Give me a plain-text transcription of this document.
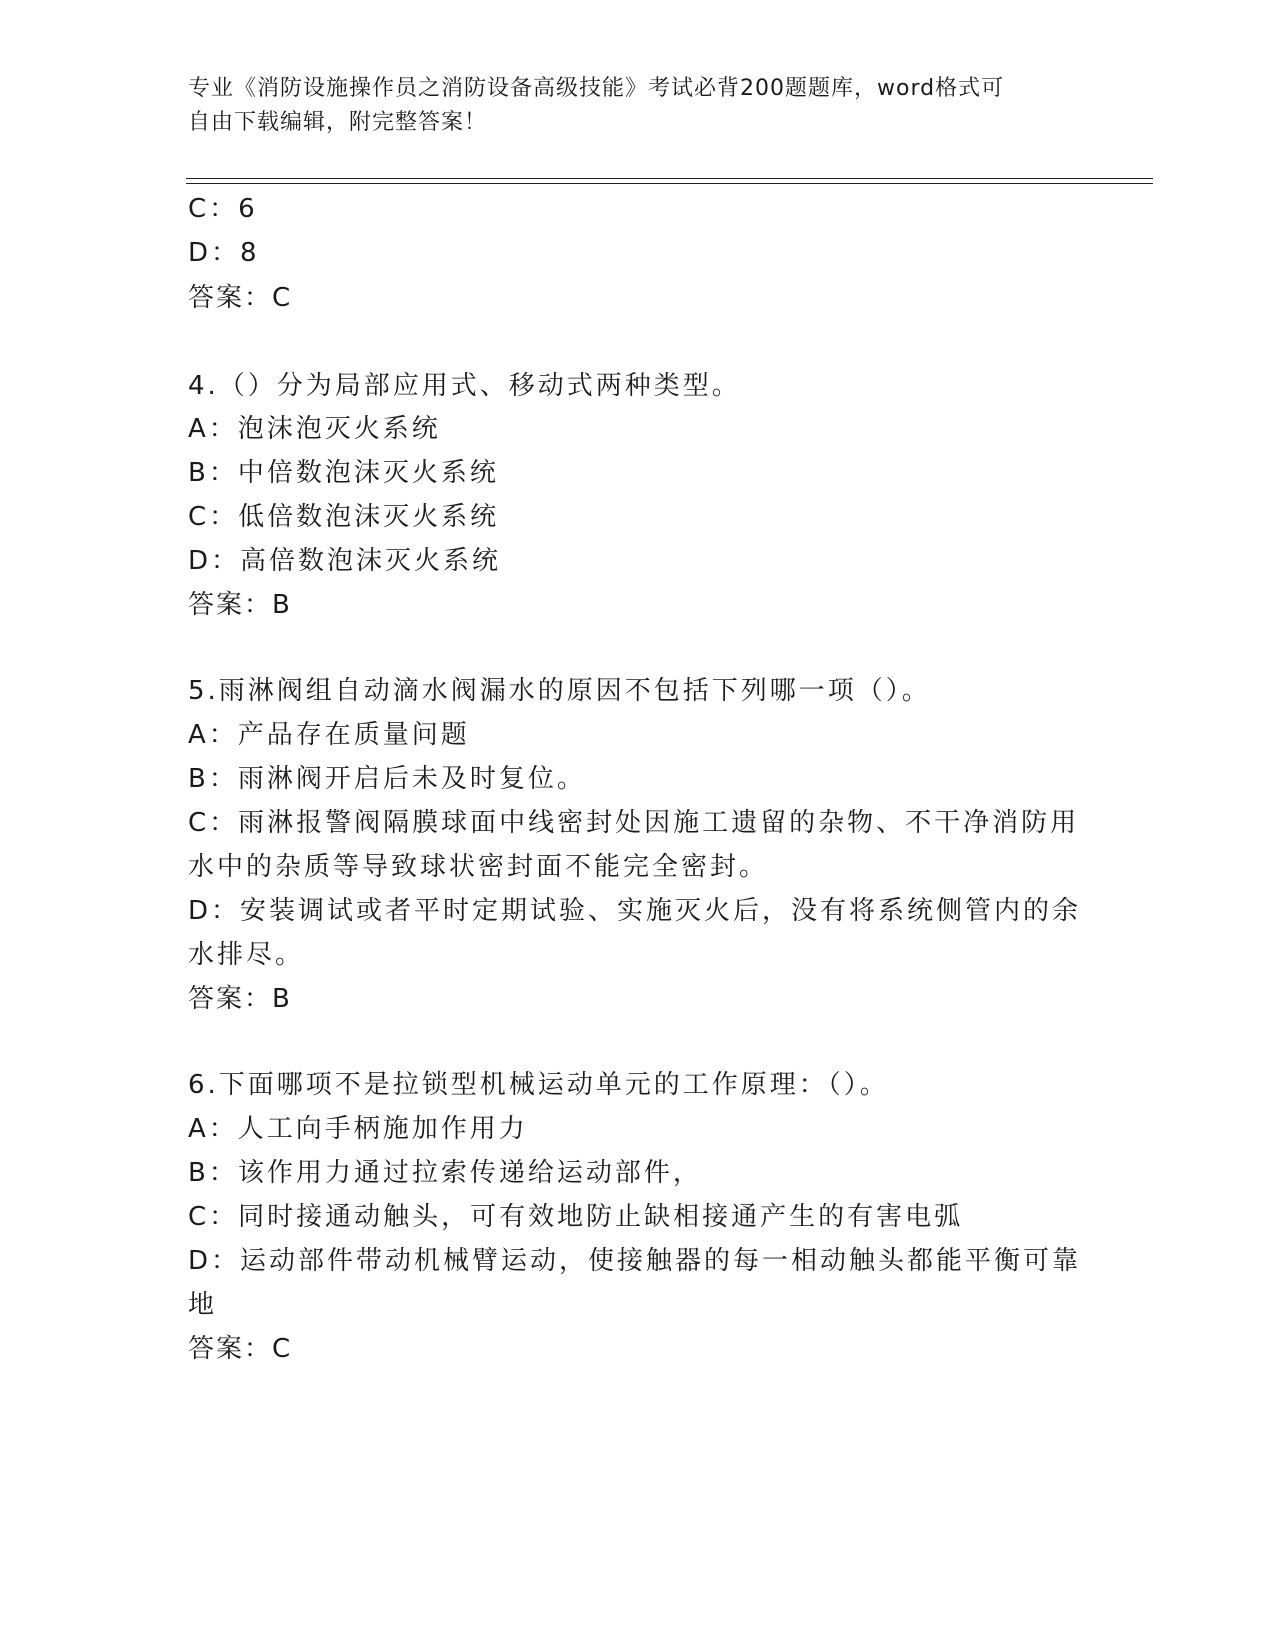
专业《消防设施操作员之消防设备高级技能》考试必背200题题库，word格式可
自由下载编辑，附完整答案！
C：6
D：8
答案：C
4.（）分为局部应用式、移动式两种类型。
A：泡沫泡灭火系统
B：中倍数泡沫灭火系统
C：低倍数泡沫灭火系统
D：高倍数泡沫灭火系统
答案：B
5.雨淋阀组自动滴水阀漏水的原因不包括下列哪一项（）。
A：产品存在质量问题
B：雨淋阀开启后未及时复位。
C：雨淋报警阀隔膜球面中线密封处因施工遗留的杂物、不干净消防用
水中的杂质等导致球状密封面不能完全密封。
D：安装调试或者平时定期试验、实施灭火后，没有将系统侧管内的余
水排尽。
答案：B
6.下面哪项不是拉锁型机械运动单元的工作原理：（）。
A：人工向手柄施加作用力
B：该作用力通过拉索传递给运动部件，
C：同时接通动触头，可有效地防止缺相接通产生的有害电弧
D：运动部件带动机械臂运动，使接触器的每一相动触头都能平衡可靠
地
答案：C
